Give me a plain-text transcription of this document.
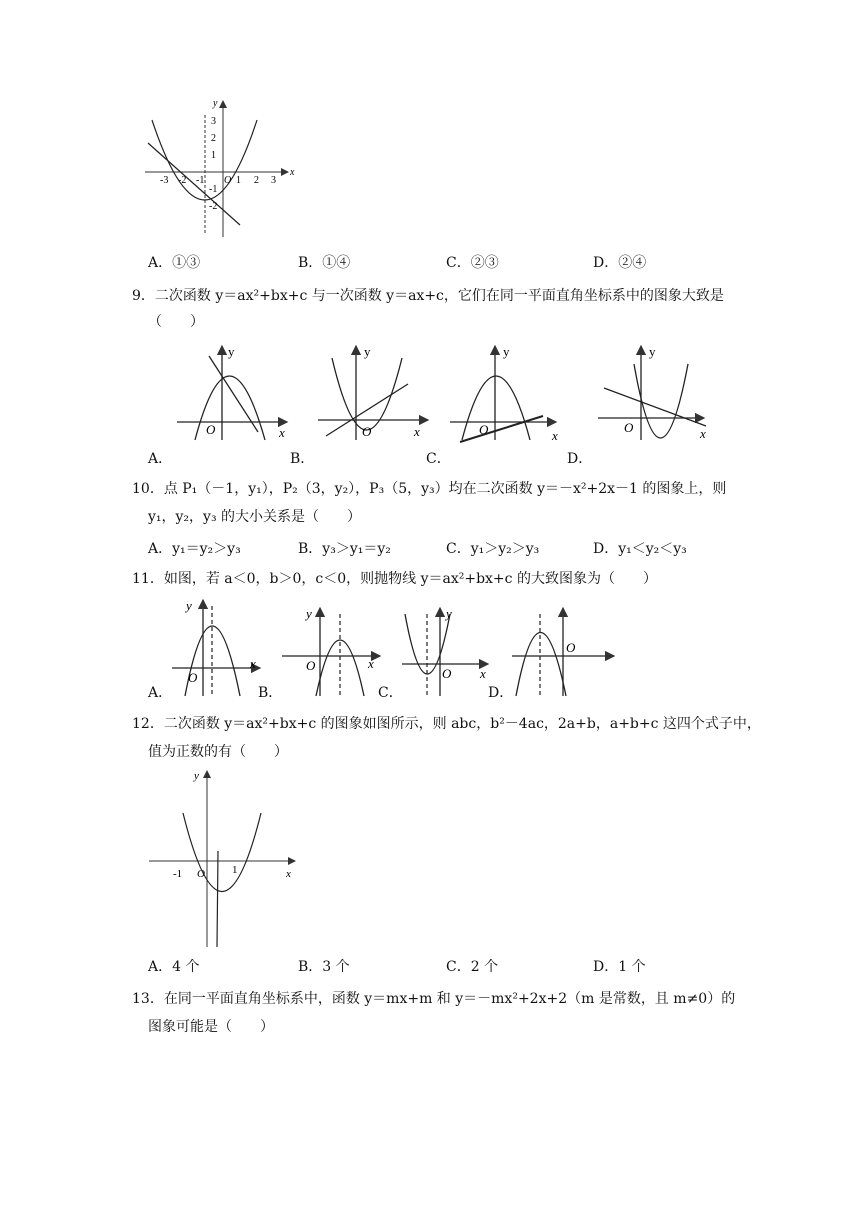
-3 -2 -1 O 1 2 3
3
2
1
-1
-2
x
y
A．①③	B．①④	C．②③	D．②④
9．二次函数 y＝ax²+bx+c 与一次函数 y＝ax+c，它们在同一平面直角坐标系中的图象大致是
（　　）
y
x
O
y
x
O
y
x
O
y
x
O
A．	B．	C．	D．
10．点 P₁（－1，y₁），P₂（3，y₂），P₃（5，y₃）均在二次函数 y＝－x²+2x－1 的图象上，则
y₁，y₂，y₃ 的大小关系是（　　）
A．y₁＝y₂＞y₃	B．y₃＞y₁＝y₂	C．y₁＞y₂＞y₃	D．y₁＜y₂＜y₃
11．如图，若 a＜0，b＞0，c＜0，则抛物线 y＝ax²+bx+c 的大致图象为（　　）
y
x
O
y
x
O
y
x
O
O
A．	B．	C．	D．
12．二次函数 y＝ax²+bx+c 的图象如图所示，则 abc，b²－4ac，2a+b，a+b+c 这四个式子中，
值为正数的有（　　）
y
x
O
-1	1
A．4 个	B．3 个	C．2 个	D．1 个
13．在同一平面直角坐标系中，函数 y＝mx+m 和 y＝－mx²+2x+2（m 是常数，且 m≠0）的
图象可能是（　　）
